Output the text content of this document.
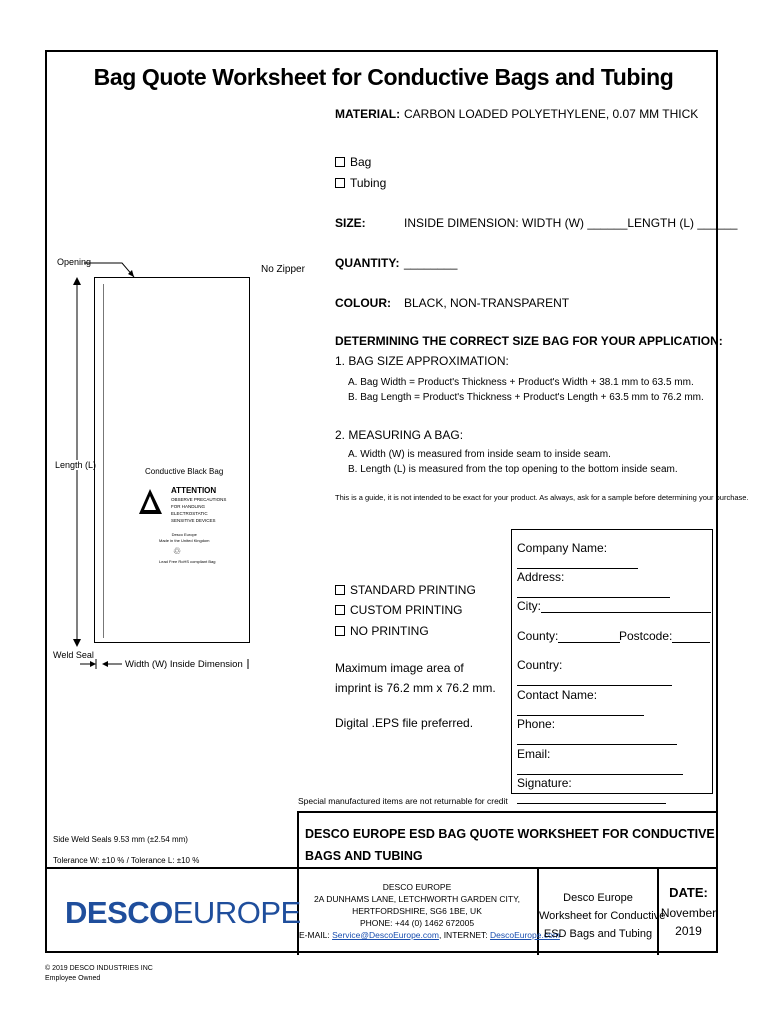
Bag Quote Worksheet for Conductive Bags and Tubing
MATERIAL: CARBON LOADED POLYETHYLENE, 0.07 MM THICK
Bag
Tubing
SIZE:	INSIDE DIMENSION: WIDTH (W) ______LENGTH (L) ______
QUANTITY: ________
COLOUR: BLACK, NON-TRANSPARENT
DETERMINING THE CORRECT SIZE BAG FOR YOUR APPLICATION:
1. BAG SIZE APPROXIMATION:
A. Bag Width = Product's Thickness + Product's Width + 38.1 mm to 63.5 mm.
B. Bag Length = Product's Thickness + Product's Length + 63.5 mm to 76.2 mm.
2. MEASURING A BAG:
A. Width (W) is measured from inside seam to inside seam.
B. Length (L) is measured from the top opening to the bottom inside seam.
This is a guide, it is not intended to be exact for your product. As always, ask for a sample before determining your purchase.
Opening
No Zipper
Length (L)
Conductive Black Bag
ATTENTION
OBSERVE PRECAUTIONS
FOR HANDLING
ELECTROSTATIC
SENSITIVE DEVICES
Desco Europe
Made in the United Kingdom
♲
Lead Free RoHS compliant Bag
Weld Seal
Width (W) Inside Dimension
STANDARD PRINTING
CUSTOM PRINTING
NO PRINTING
Maximum image area of
imprint is 76.2 mm x 76.2 mm.
Digital .EPS file preferred.
Company Name:
Address:
City:
County:	Postcode:
Country:
Contact Name:
Phone:
Email:
Signature:
Special manufactured items are not returnable for credit
Side Weld Seals 9.53 mm (±2.54 mm)
Tolerance W: ±10 % / Tolerance L: ±10 %
DESCO EUROPE ESD BAG QUOTE WORKSHEET FOR CONDUCTIVE BAGS AND TUBING
DESCOEUROPE
DESCO EUROPE
2A DUNHAMS LANE, LETCHWORTH GARDEN CITY,
HERTFORDSHIRE, SG6 1BE, UK
PHONE: +44 (0) 1462 672005
E-MAIL: Service@DescoEurope.com, INTERNET: DescoEurope.com
Desco Europe
Worksheet for Conductive
ESD Bags and Tubing
DATE:
November
2019
© 2019 DESCO INDUSTRIES INC
Employee Owned
